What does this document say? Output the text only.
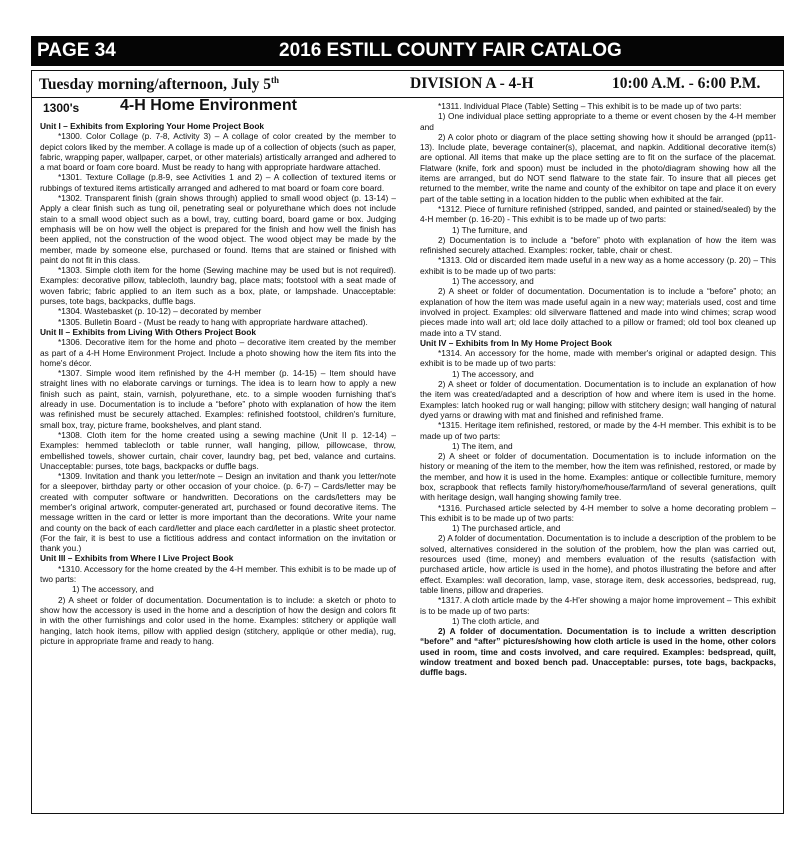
PAGE 34	2016 ESTILL COUNTY FAIR CATALOG
Tuesday morning/afternoon, July 5th	DIVISION A - 4-H	10:00 A.M. - 6:00 P.M.
1300's	4-H Home Environment

Unit I – Exhibits from Exploring Your Home Project Book

*1300. Color Collage (p. 7-8, Activity 3) – A collage of color created by the member to depict colors liked by the member. A collage is made up of a collection of objects (such as paper, fabric, wrapping paper, wallpaper, carpet, or other materials) artistically arranged and adhered to a mat board or foam core board. Must be ready to hang with appropriate hardware attached.

*1301. Texture Collage (p.8-9, see Activities 1 and 2) – A collection of textured items or rubbings of textured items artistically arranged and adhered to mat board or foam core board.

*1302. Transparent finish (grain shows through) applied to small wood object (p. 13-14) – Apply a clear finish such as tung oil, penetrating seal or polyurethane which does not include stain to a small wood object such as a bowl, tray, cutting board, board game or box. Judging emphasis will be on how well the object is prepared for the finish and how well the finish has been applied, not the construction of the wood object. The wood object may be made by the member, made by someone else, purchased or found. Items that are stained or finished with paint do not fit in this class.

*1303. Simple cloth item for the home (Sewing machine may be used but is not required). Examples: decorative pillow, tablecloth, laundry bag, place mats; footstool with a seat made of woven fabric; fabric applied to an item such as a box, plate, or lampshade. Unacceptable: purses, tote bags, backpacks, duffle bags.

*1304. Wastebasket (p. 10-12) – decorated by member

*1305. Bulletin Board - (Must be ready to hang with appropriate hardware attached).

Unit II – Exhibits from Living With Others Project Book

*1306. Decorative item for the home and photo – decorative item created by the member as part of a 4-H Home Environment Project. Include a photo showing how the item fits into the home's décor.

*1307. Simple wood item refinished by the 4-H member (p. 14-15) – Item should have straight lines with no elaborate carvings or turnings. The idea is to learn how to apply a new finish such as paint, stain, varnish, polyurethane, etc. to a simple wooden furnishing that's already in use. Documentation is to include a “before” photo with explanation of how the item was refinished must be securely attached. Examples: refinished footstool, children's furniture, small box, tray, picture frame, bookshelves, and plant stand.

*1308. Cloth item for the home created using a sewing machine (Unit II p. 12-14) – Examples: hemmed tablecloth or table runner, wall hanging, pillow, pillowcase, throw, embellished towels, shower curtain, chair cover, laundry bag, pet bed, valance and curtains. Unacceptable: purses, tote bags, backpacks or duffle bags.

*1309. Invitation and thank you letter/note – Design an invitation and thank you letter/note for a sleepover, birthday party or other occasion of your choice. (p. 6-7) – Cards/letter may be created with computer software or handwritten. Decorations on the cards/letters may be member's original artwork, computer-generated art, purchased or found decorative items. The message written in the card or letter is more important than the decorations. Write your name and county on the back of each card/letter and place each card/letter in a plastic sheet protector. (For the fair, it is best to use a fictitious address and contact information on the invitation or thank you.)

Unit III – Exhibits from Where I Live Project Book

*1310. Accessory for the home created by the 4-H member. This exhibit is to be made up of two parts:

1) The accessory, and

2) A sheet or folder of documentation. Documentation is to include: a sketch or photo to show how the accessory is used in the home and a description of how the design and colors fit in with the other furnishings and color used in the home. Examples: stitchery or appliqúe wall hanging, latch hook items, pillow with applied design (stitchery, appliqúe or other media), rug, picture in appropriate frame and ready to hang.

*1311. Individual Place (Table) Setting – This exhibit is to be made up of two parts:

1) One individual place setting appropriate to a theme or event chosen by the 4-H member and

2) A color photo or diagram of the place setting showing how it should be arranged (pp11-13). Include plate, beverage container(s), placemat, and napkin. Additional decorative item(s) are optional. All items that make up the place setting are to fit on the surface of the placemat. Flatware (knife, fork and spoon) must be included in the photo/diagram showing how all the items are arranged, but do NOT send flatware to the state fair. To insure that all pieces get returned to the member, write the name and county of the exhibitor on tape and place it on every part of the table setting in a location hidden to the public when exhibited at the fair.

*1312. Piece of furniture refinished (stripped, sanded, and painted or stained/sealed) by the 4-H member (p. 16-20) - This exhibit is to be made up of two parts:

1) The furniture, and

2) Documentation is to include a “before” photo with explanation of how the item was refinished securely attached. Examples: rocker, table, chair or chest.

*1313. Old or discarded item made useful in a new way as a home accessory (p. 20) – This exhibit is to be made up of two parts:

1) The accessory, and

2) A sheet or folder of documentation. Documentation is to include a “before” photo; an explanation of how the item was made useful again in a new way; materials used, cost and time involved in project. Examples: old silverware flattened and made into wind chimes; scrap wood pieces made into wall art; old lace doily attached to a pillow or framed; old tool box cleaned up made into a TV stand.

Unit IV – Exhibits from In My Home Project Book

*1314. An accessory for the home, made with member's original or adapted design. This exhibit is to be made up of two parts:

1) The accessory, and

2) A sheet or folder of documentation. Documentation is to include an explanation of how the item was created/adapted and a description of how and where item is used in the home. Examples: latch hooked rug or wall hanging; pillow with stitchery design; wall hanging of natural dyed yarns or drawing with mat and finished and refinished frame.

*1315. Heritage item refinished, restored, or made by the 4-H member. This exhibit is to be made up of two parts:

1) The item, and

2) A sheet or folder of documentation. Documentation is to include information on the history or meaning of the item to the member, how the item was refinished, restored, or made by the member, and how it is used in the home. Examples: antique or collectible furniture, memory box, scrapbook that reflects family history/home/house/farm/land of several generations, quilt with heritage design, wall hanging showing family tree.

*1316. Purchased article selected by 4-H member to solve a home decorating problem – This exhibit is to be made up of two parts:

1) The purchased article, and

2) A folder of documentation. Documentation is to include a description of the problem to be solved, alternatives considered in the solution of the problem, how the plan was carried out, resources used (time, money) and members evaluation of the results (satisfaction with purchased article, how article is used in the home), and photos illustrating the before and after effect. Examples: wall decoration, lamp, vase, storage item, desk accessories, bedspread, rug, table linens, pillow and draperies.

*1317. A cloth article made by the 4-H'er showing a major home improvement – This exhibit is to be made up of two parts:

1) The cloth article, and

2) A folder of documentation. Documentation is to include a written description “before” and “after” pictures/showing how cloth article is used in the home, other colors used in room, time and costs involved, and care required. Examples: bedspread, quilt, window treatment and boxed bench pad. Unacceptable: purses, tote bags, backpacks, duffle bags.
